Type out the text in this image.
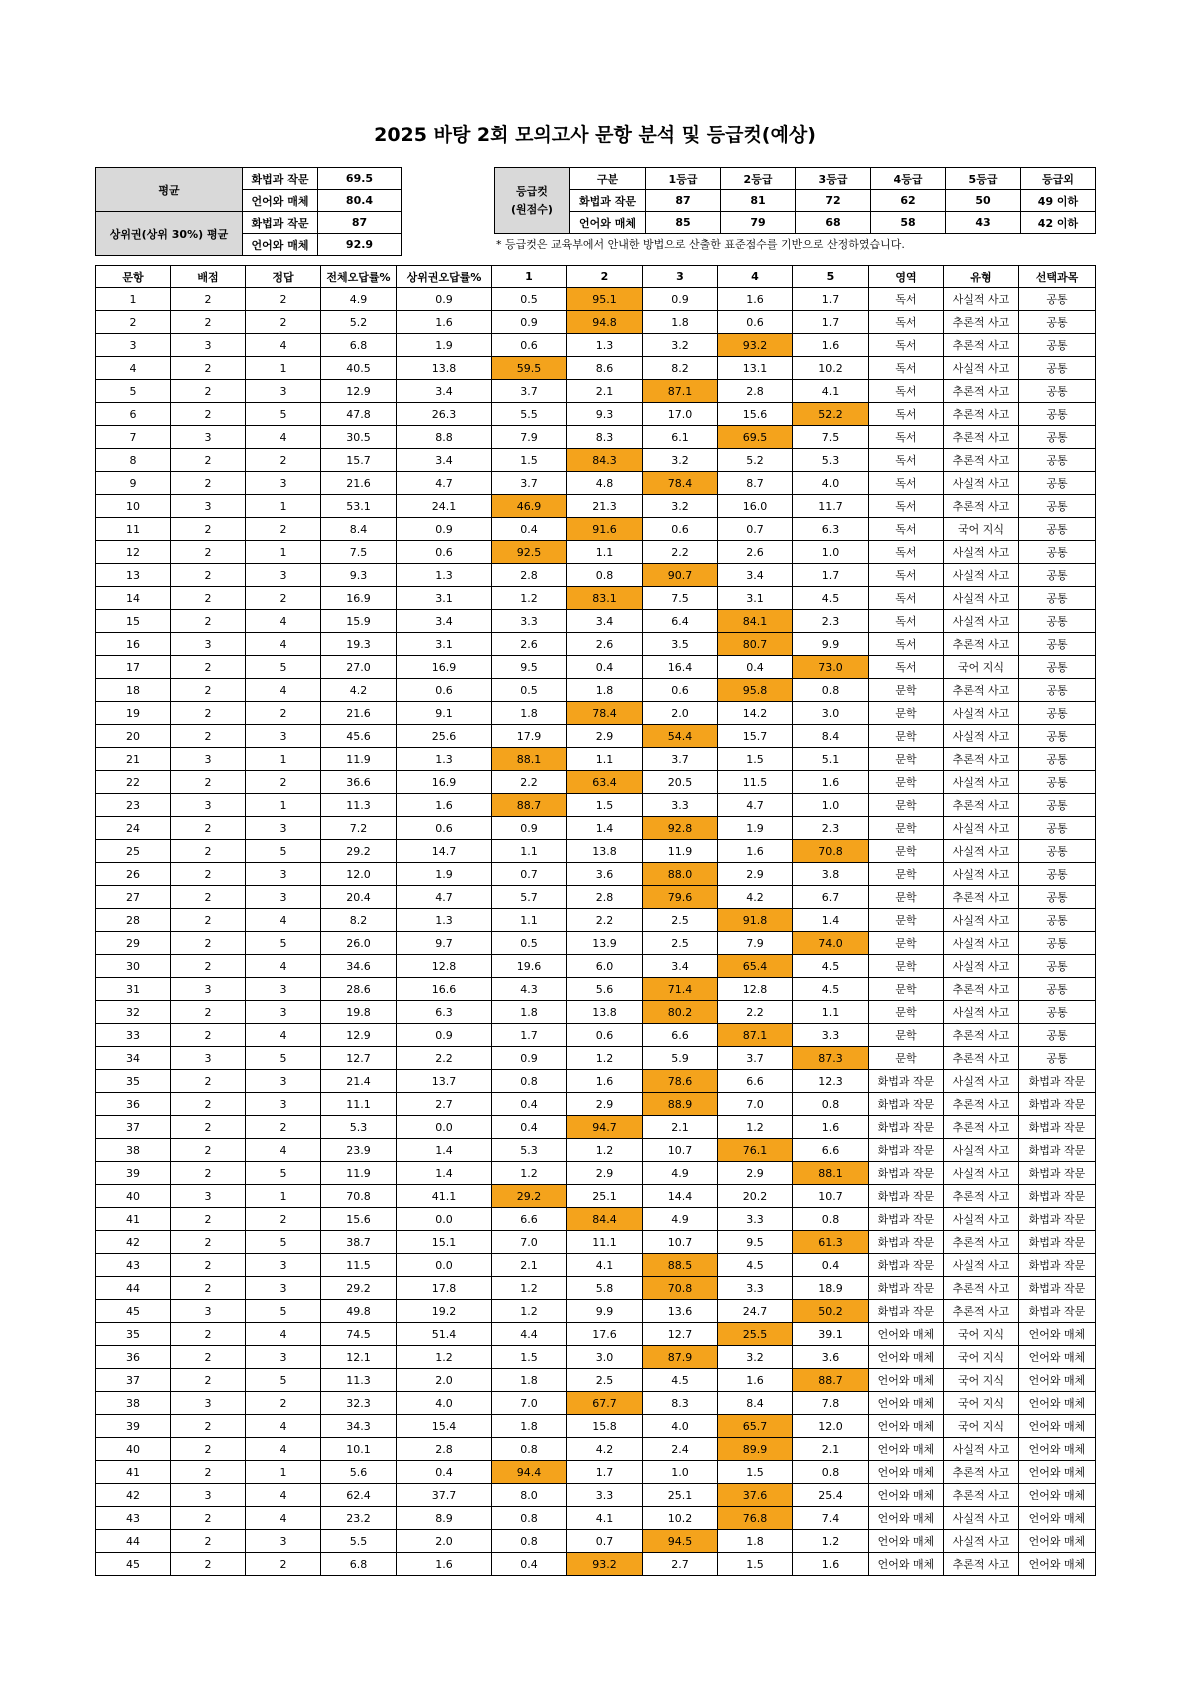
2025 바탕 2회 모의고사 문항 분석 및 등급컷(예상)
평균	화법과 작문	69.5
	언어와 매체	80.4
상위권(상위 30%) 평균	화법과 작문	87
	언어와 매체	92.9
등급컷
(원점수)	구분	1등급	2등급	3등급	4등급	5등급	등급외
	화법과 작문	87	81	72	62	50	49 이하
	언어와 매체	85	79	68	58	43	42 이하
* 등급컷은 교육부에서 안내한 방법으로 산출한 표준점수를 기반으로 산정하였습니다.
문항	배점	정답	전체오답률%	상위권오답률%	1	2	3	4	5	영역	유형	선택과목
1	2	2	4.9	0.9	0.5	95.1	0.9	1.6	1.7	독서	사실적 사고	공통
2	2	2	5.2	1.6	0.9	94.8	1.8	0.6	1.7	독서	추론적 사고	공통
3	3	4	6.8	1.9	0.6	1.3	3.2	93.2	1.6	독서	추론적 사고	공통
4	2	1	40.5	13.8	59.5	8.6	8.2	13.1	10.2	독서	사실적 사고	공통
5	2	3	12.9	3.4	3.7	2.1	87.1	2.8	4.1	독서	추론적 사고	공통
6	2	5	47.8	26.3	5.5	9.3	17.0	15.6	52.2	독서	추론적 사고	공통
7	3	4	30.5	8.8	7.9	8.3	6.1	69.5	7.5	독서	추론적 사고	공통
8	2	2	15.7	3.4	1.5	84.3	3.2	5.2	5.3	독서	추론적 사고	공통
9	2	3	21.6	4.7	3.7	4.8	78.4	8.7	4.0	독서	사실적 사고	공통
10	3	1	53.1	24.1	46.9	21.3	3.2	16.0	11.7	독서	추론적 사고	공통
11	2	2	8.4	0.9	0.4	91.6	0.6	0.7	6.3	독서	국어 지식	공통
12	2	1	7.5	0.6	92.5	1.1	2.2	2.6	1.0	독서	사실적 사고	공통
13	2	3	9.3	1.3	2.8	0.8	90.7	3.4	1.7	독서	사실적 사고	공통
14	2	2	16.9	3.1	1.2	83.1	7.5	3.1	4.5	독서	사실적 사고	공통
15	2	4	15.9	3.4	3.3	3.4	6.4	84.1	2.3	독서	사실적 사고	공통
16	3	4	19.3	3.1	2.6	2.6	3.5	80.7	9.9	독서	추론적 사고	공통
17	2	5	27.0	16.9	9.5	0.4	16.4	0.4	73.0	독서	국어 지식	공통
18	2	4	4.2	0.6	0.5	1.8	0.6	95.8	0.8	문학	추론적 사고	공통
19	2	2	21.6	9.1	1.8	78.4	2.0	14.2	3.0	문학	사실적 사고	공통
20	2	3	45.6	25.6	17.9	2.9	54.4	15.7	8.4	문학	사실적 사고	공통
21	3	1	11.9	1.3	88.1	1.1	3.7	1.5	5.1	문학	추론적 사고	공통
22	2	2	36.6	16.9	2.2	63.4	20.5	11.5	1.6	문학	사실적 사고	공통
23	3	1	11.3	1.6	88.7	1.5	3.3	4.7	1.0	문학	추론적 사고	공통
24	2	3	7.2	0.6	0.9	1.4	92.8	1.9	2.3	문학	사실적 사고	공통
25	2	5	29.2	14.7	1.1	13.8	11.9	1.6	70.8	문학	사실적 사고	공통
26	2	3	12.0	1.9	0.7	3.6	88.0	2.9	3.8	문학	사실적 사고	공통
27	2	3	20.4	4.7	5.7	2.8	79.6	4.2	6.7	문학	추론적 사고	공통
28	2	4	8.2	1.3	1.1	2.2	2.5	91.8	1.4	문학	사실적 사고	공통
29	2	5	26.0	9.7	0.5	13.9	2.5	7.9	74.0	문학	사실적 사고	공통
30	2	4	34.6	12.8	19.6	6.0	3.4	65.4	4.5	문학	사실적 사고	공통
31	3	3	28.6	16.6	4.3	5.6	71.4	12.8	4.5	문학	추론적 사고	공통
32	2	3	19.8	6.3	1.8	13.8	80.2	2.2	1.1	문학	사실적 사고	공통
33	2	4	12.9	0.9	1.7	0.6	6.6	87.1	3.3	문학	추론적 사고	공통
34	3	5	12.7	2.2	0.9	1.2	5.9	3.7	87.3	문학	추론적 사고	공통
35	2	3	21.4	13.7	0.8	1.6	78.6	6.6	12.3	화법과 작문	사실적 사고	화법과 작문
36	2	3	11.1	2.7	0.4	2.9	88.9	7.0	0.8	화법과 작문	추론적 사고	화법과 작문
37	2	2	5.3	0.0	0.4	94.7	2.1	1.2	1.6	화법과 작문	추론적 사고	화법과 작문
38	2	4	23.9	1.4	5.3	1.2	10.7	76.1	6.6	화법과 작문	사실적 사고	화법과 작문
39	2	5	11.9	1.4	1.2	2.9	4.9	2.9	88.1	화법과 작문	사실적 사고	화법과 작문
40	3	1	70.8	41.1	29.2	25.1	14.4	20.2	10.7	화법과 작문	추론적 사고	화법과 작문
41	2	2	15.6	0.0	6.6	84.4	4.9	3.3	0.8	화법과 작문	사실적 사고	화법과 작문
42	2	5	38.7	15.1	7.0	11.1	10.7	9.5	61.3	화법과 작문	추론적 사고	화법과 작문
43	2	3	11.5	0.0	2.1	4.1	88.5	4.5	0.4	화법과 작문	사실적 사고	화법과 작문
44	2	3	29.2	17.8	1.2	5.8	70.8	3.3	18.9	화법과 작문	추론적 사고	화법과 작문
45	3	5	49.8	19.2	1.2	9.9	13.6	24.7	50.2	화법과 작문	추론적 사고	화법과 작문
35	2	4	74.5	51.4	4.4	17.6	12.7	25.5	39.1	언어와 매체	국어 지식	언어와 매체
36	2	3	12.1	1.2	1.5	3.0	87.9	3.2	3.6	언어와 매체	국어 지식	언어와 매체
37	2	5	11.3	2.0	1.8	2.5	4.5	1.6	88.7	언어와 매체	국어 지식	언어와 매체
38	3	2	32.3	4.0	7.0	67.7	8.3	8.4	7.8	언어와 매체	국어 지식	언어와 매체
39	2	4	34.3	15.4	1.8	15.8	4.0	65.7	12.0	언어와 매체	국어 지식	언어와 매체
40	2	4	10.1	2.8	0.8	4.2	2.4	89.9	2.1	언어와 매체	사실적 사고	언어와 매체
41	2	1	5.6	0.4	94.4	1.7	1.0	1.5	0.8	언어와 매체	추론적 사고	언어와 매체
42	3	4	62.4	37.7	8.0	3.3	25.1	37.6	25.4	언어와 매체	추론적 사고	언어와 매체
43	2	4	23.2	8.9	0.8	4.1	10.2	76.8	7.4	언어와 매체	사실적 사고	언어와 매체
44	2	3	5.5	2.0	0.8	0.7	94.5	1.8	1.2	언어와 매체	사실적 사고	언어와 매체
45	2	2	6.8	1.6	0.4	93.2	2.7	1.5	1.6	언어와 매체	추론적 사고	언어와 매체
